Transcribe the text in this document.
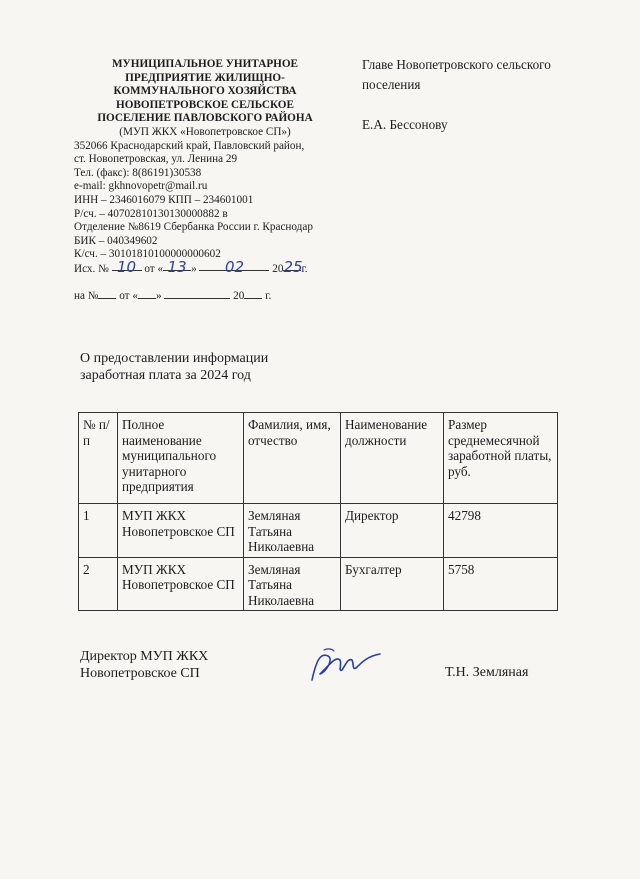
МУНИЦИПАЛЬНОЕ УНИТАРНОЕ
ПРЕДПРИЯТИЕ ЖИЛИЩНО-
КОММУНАЛЬНОГО ХОЗЯЙСТВА
НОВОПЕТРОВСКОЕ СЕЛЬСКОЕ
ПОСЕЛЕНИЕ ПАВЛОВСКОГО РАЙОНА
(МУП ЖКХ «Новопетровское СП»)
352066 Краснодарский край, Павловский район,
ст. Новопетровская, ул. Ленина 29
Тел. (факс): 8(86191)30538
e-mail: gkhnovopetr@mail.ru
ИНН – 2346016079 КПП – 234601001
Р/сч. – 40702810130130000882 в
Отделение №8619 Сбербанка России г. Краснодар
БИК – 040349602
К/сч. – 30101810100000000602
Главе Новопетровского сельского
поселения
Е.А. Бессонову
Исх. № 10 от « 13 » 02	2025г.
на № от « »	20 г.
О предоставлении информации
заработная плата за 2024 год
№ п/п	Полное наименование муниципального унитарного предприятия	Фамилия, имя, отчество	Наименование должности	Размер среднемесячной заработной платы, руб.
1	МУП ЖКХ Новопетровское СП	Земляная Татьяна Николаевна	Директор	42798
2	МУП ЖКХ Новопетровское СП	Земляная Татьяна Николаевна	Бухгалтер	5758
Директор МУП ЖКХ
Новопетровское СП	Т.Н. Земляная
